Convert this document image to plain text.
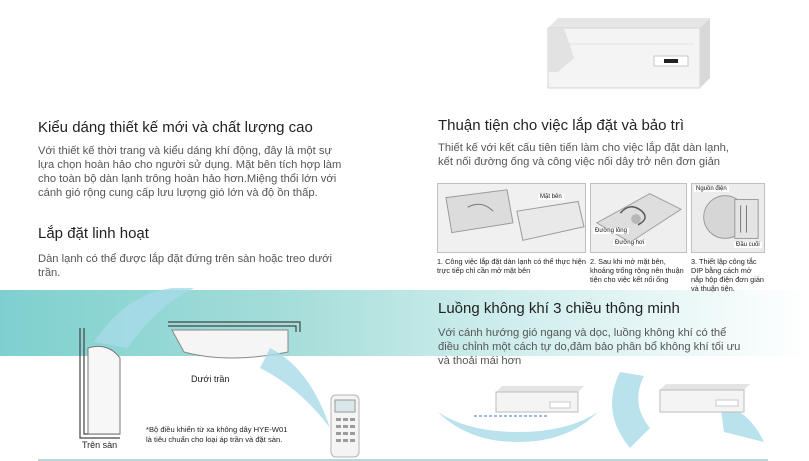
Kiểu dáng thiết kế mới và chất lượng cao
Với thiết kế thời trang và kiểu dáng khí động, đây là một sự
lựa chọn hoàn hảo cho người sử dụng. Mặt bên tích hợp làm
cho toàn bộ dàn lạnh trông hoàn hảo hơn.Miệng thổi lớn với
cánh gió rộng cung cấp lưu lượng gió lớn và độ ồn thấp.
Lắp đặt linh hoạt
Dàn lạnh có thể được lắp đặt đứng trên sàn hoặc treo dưới
trần.
Thuận tiện cho việc lắp đặt và bảo trì
Thiết kế với kết cấu tiên tiến làm cho việc lắp đặt dàn lạnh,
kết nối đường ống và công việc nối dây trở nên đơn giản
Mặt bên
1. Công việc lắp đặt dàn lạnh có thể thực hiện
trực tiếp chỉ cần mở mặt bên
Đường lỏng
Đường hơi
2. Sau khi mở mặt bên,
khoảng trống rộng nên thuận
tiện cho việc kết nối ống
Nguồn điện
Đầu cuối
3. Thiết lập công tắc
DIP bằng cách mở
nắp hộp điện đơn giản
và thuận tiện.
Luồng không khí 3 chiều thông minh
Với cánh hướng gió ngang và dọc, luồng không khí có thể
điều chỉnh một cách tự do,đảm bảo phân bổ không khí tối ưu
và thoải mái hơn
Dưới trần
Trên sàn
*Bộ điều khiển từ xa không dây HYE-W01
là tiêu chuẩn cho loại áp trần và đặt sàn.
